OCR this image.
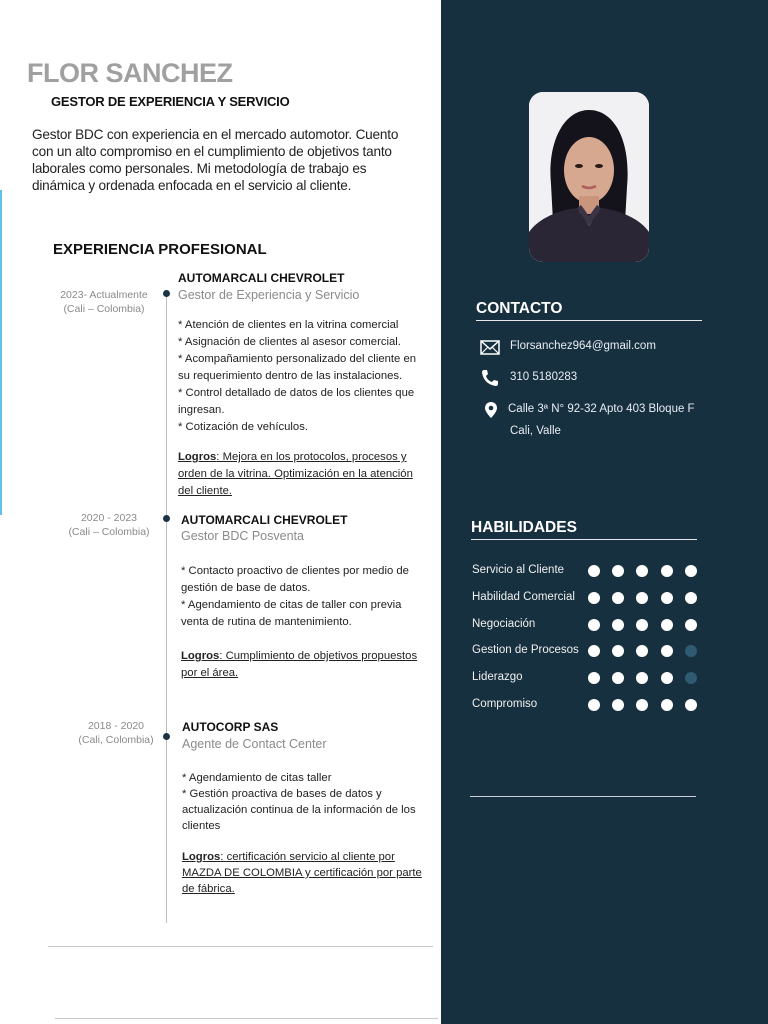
FLOR SANCHEZ
GESTOR DE EXPERIENCIA Y SERVICIO
Gestor BDC con experiencia en el mercado automotor. Cuento con un alto compromiso en el cumplimiento de objetivos tanto laborales como personales. Mi metodología de trabajo es dinámica y ordenada enfocada en el servicio al cliente.
EXPERIENCIA PROFESIONAL
2023- Actualmente
(Cali – Colombia)
AUTOMARCALI CHEVROLET
Gestor de Experiencia y Servicio
* Atención de clientes en la vitrina comercial
* Asignación de clientes al asesor comercial.
* Acompañamiento personalizado del cliente en su requerimiento dentro de las instalaciones.
* Control detallado de datos de los clientes que ingresan.
* Cotización de vehículos.
Logros: Mejora en los protocolos, procesos y orden de la vitrina. Optimización en la atención del cliente.
2020 - 2023
(Cali – Colombia)
AUTOMARCALI CHEVROLET
Gestor BDC Posventa
* Contacto proactivo de clientes por medio de gestión de base de datos.
* Agendamiento de citas de taller con previa venta de rutina de mantenimiento.
Logros: Cumplimiento de objetivos propuestos por el área.
2018 - 2020
(Cali, Colombia)
AUTOCORP SAS
Agente de Contact Center
* Agendamiento de citas taller
* Gestión proactiva de bases de datos y actualización continua de la información de los clientes
Logros: certificación servicio al cliente por MAZDA DE COLOMBIA y certificación por parte de fábrica.
CONTACTO
Florsanchez964@gmail.com
310 5180283
Calle 3ª N° 92-32 Apto 403 Bloque F
Cali, Valle
HABILIDADES
Servicio al Cliente
Habilidad Comercial
Negociación
Gestion de Procesos
Liderazgo
Compromiso
